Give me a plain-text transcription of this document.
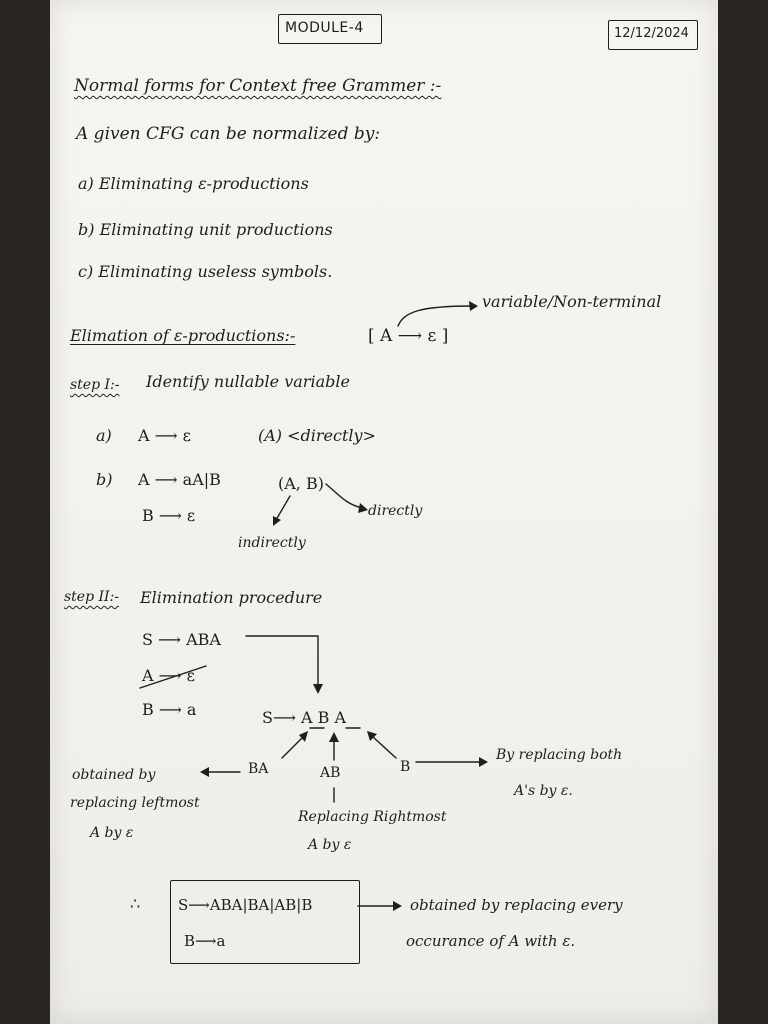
MODULE-4	12/12/2024
Normal forms for Context free Grammer :-
A given CFG can be normalized by:
a) Eliminating ε-productions
b) Eliminating unit productions
c) Eliminating useless symbols.
Elimation of ε-productions:-	[ A ⟶ ε ]
variable/Non-terminal
step I:- Identify nullable variable
a) A ⟶ ε	(A) <directly>
b) A ⟶ aA|B	(A, B)
B ⟶ ε	directly
indirectly
step II:- Elimination procedure
S ⟶ ABA
A ⟶ ε
B ⟶ a	S⟶ A B A
BA	AB	B
obtained by
replacing leftmost
A by ε
By replacing both
A's by ε.
Replacing Rightmost
A by ε
∴	S⟶ABA|BA|AB|B
B⟶a
obtained by replacing every
occurance of A with ε.
